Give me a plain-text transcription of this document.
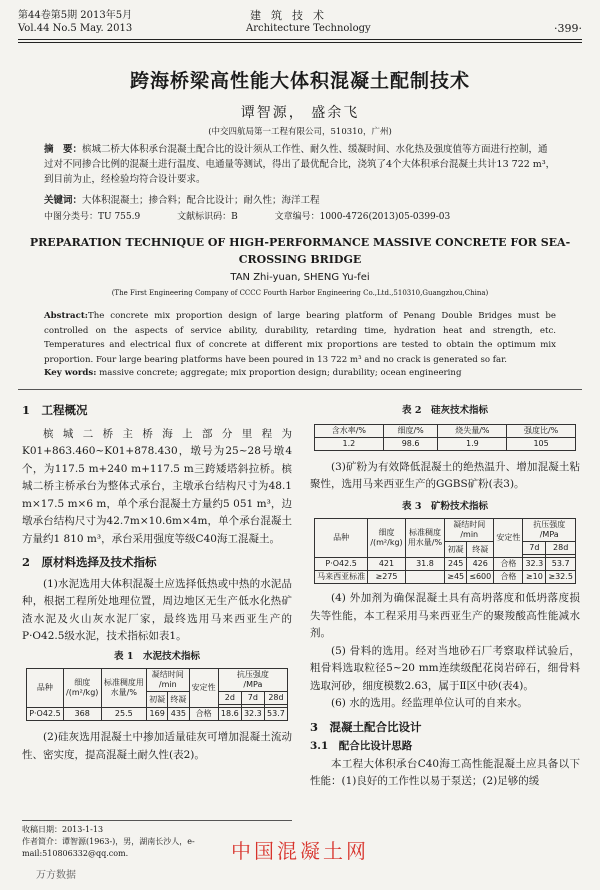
第44卷第5期 2013年5月
Vol.44 No.5 May. 2013
建筑技术
Architecture Technology	·399·
跨海桥梁高性能大体积混凝土配制技术
谭智源， 盛余飞
(中交四航局第一工程有限公司，510310，广州)
摘　要：槟城二桥大体积承台混凝土配合比的设计须从工作性、耐久性、缓凝时间、水化热及强度值等方面进行控制，通过对不同掺合比例的混凝土进行温度、电通量等测试，得出了最优配合比，浇筑了4个大体积承台混凝土共计13 722 m³，到目前为止，经检验均符合设计要求。
关键词：大体积混凝土；掺合料；配合比设计；耐久性；海洋工程
中图分类号：TU 755.9	文献标识码：B	文章编号：1000-4726(2013)05-0399-03
PREPARATION TECHNIQUE OF HIGH-PERFORMANCE MASSIVE CONCRETE FOR SEA-CROSSING BRIDGE
TAN Zhi-yuan, SHENG Yu-fei
(The First Engineering Company of CCCC Fourth Harbor Engineering Co.,Ltd.,510310,Guangzhou,China)
Abstract:The concrete mix proportion design of large bearing platform of Penang Double Bridges must be controlled on the aspects of service ability, durability, retarding time, hydration heat and strength, etc. Temperatures and electrical flux of concrete at different mix proportions are tested to obtain the optimum mix proportion. Four large bearing platforms have been poured in 13 722 m³ and no crack is generated so far.
Key words: massive concrete; aggregate; mix proportion design; durability; ocean engineering
1　工程概况
槟城二桥主桥海上部分里程为K01+863.460~K01+878.430，墩号为25~28号墩4个，为117.5 m+240 m+117.5 m三跨矮塔斜拉桥。槟城二桥主桥承台为整体式承台，主墩承台结构尺寸为48.1 m×17.5 m×6 m，单个承台混凝土方量约5 051 m³，边墩承台结构尺寸为42.7m×10.6m×4m，单个承台混凝土方量约1 810 m³，承台采用强度等级C40海工混凝土。
2　原材料选择及技术指标
(1)水泥选用大体积混凝土应选择低热或中热的水泥品种，根据工程所处地理位置，周边地区无生产低水化热矿渣水泥及火山灰水泥厂家，最终选用马来西亚生产的P·O42.5级水泥，技术指标如表1。
表 1　水泥技术指标
品种	细度
/(m²/kg)	标准稠度用
水量/%	凝结时间
/min		安定性	抗压强度
/MPa		
			初凝	终凝		2d	7d	28d

P·O42.5	368	25.5	169	435	合格	18.6	32.3	53.7
(2)硅灰选用混凝土中掺加适量硅灰可增加混凝土流动性、密实度，提高混凝土耐久性(表2)。
收稿日期：2013-1-13
作者简介：谭智源(1963-)，男，湖南长沙人，e-mail:510806332@qq.com.
表 2　硅灰技术指标
含水率/%	细度/%	烧失量/%	强度比/%
1.2	98.6	1.9	105
(3)矿粉为有效降低混凝土的绝热温升、增加混凝土粘聚性，选用马来西亚生产的GGBS矿粉(表3)。
表 3　矿粉技术指标
品种	细度
/(m²/kg)	标准稠度
用水量/%	凝结时间
/min		安定性	抗压强度
/MPa	
			初凝	终凝		7d	28d

P·O42.5	421	31.8	245	426	合格	32.3	53.7
马来西亚标准	≥275		≥45	≤600	合格	≥10	≥32.5
(4) 外加剂为确保混凝土具有高坍落度和低坍落度损失等性能，本工程采用马来西亚生产的聚羧酸高性能减水剂。
(5) 骨料的选用。经对当地砂石厂考察取样试验后，粗骨料选取粒径5~20 mm连续级配花岗岩碎石，细骨料选取河砂，细度模数2.63，属于Ⅱ区中砂(表4)。
(6) 水的选用。经监理单位认可的自来水。
3　混凝土配合比设计
3.1　配合比设计思路
本工程大体积承台C40海工高性能混凝土应具备以下性能：(1)良好的工作性以易于泵送；(2)足够的缓
中国混凝土网
万方数据
